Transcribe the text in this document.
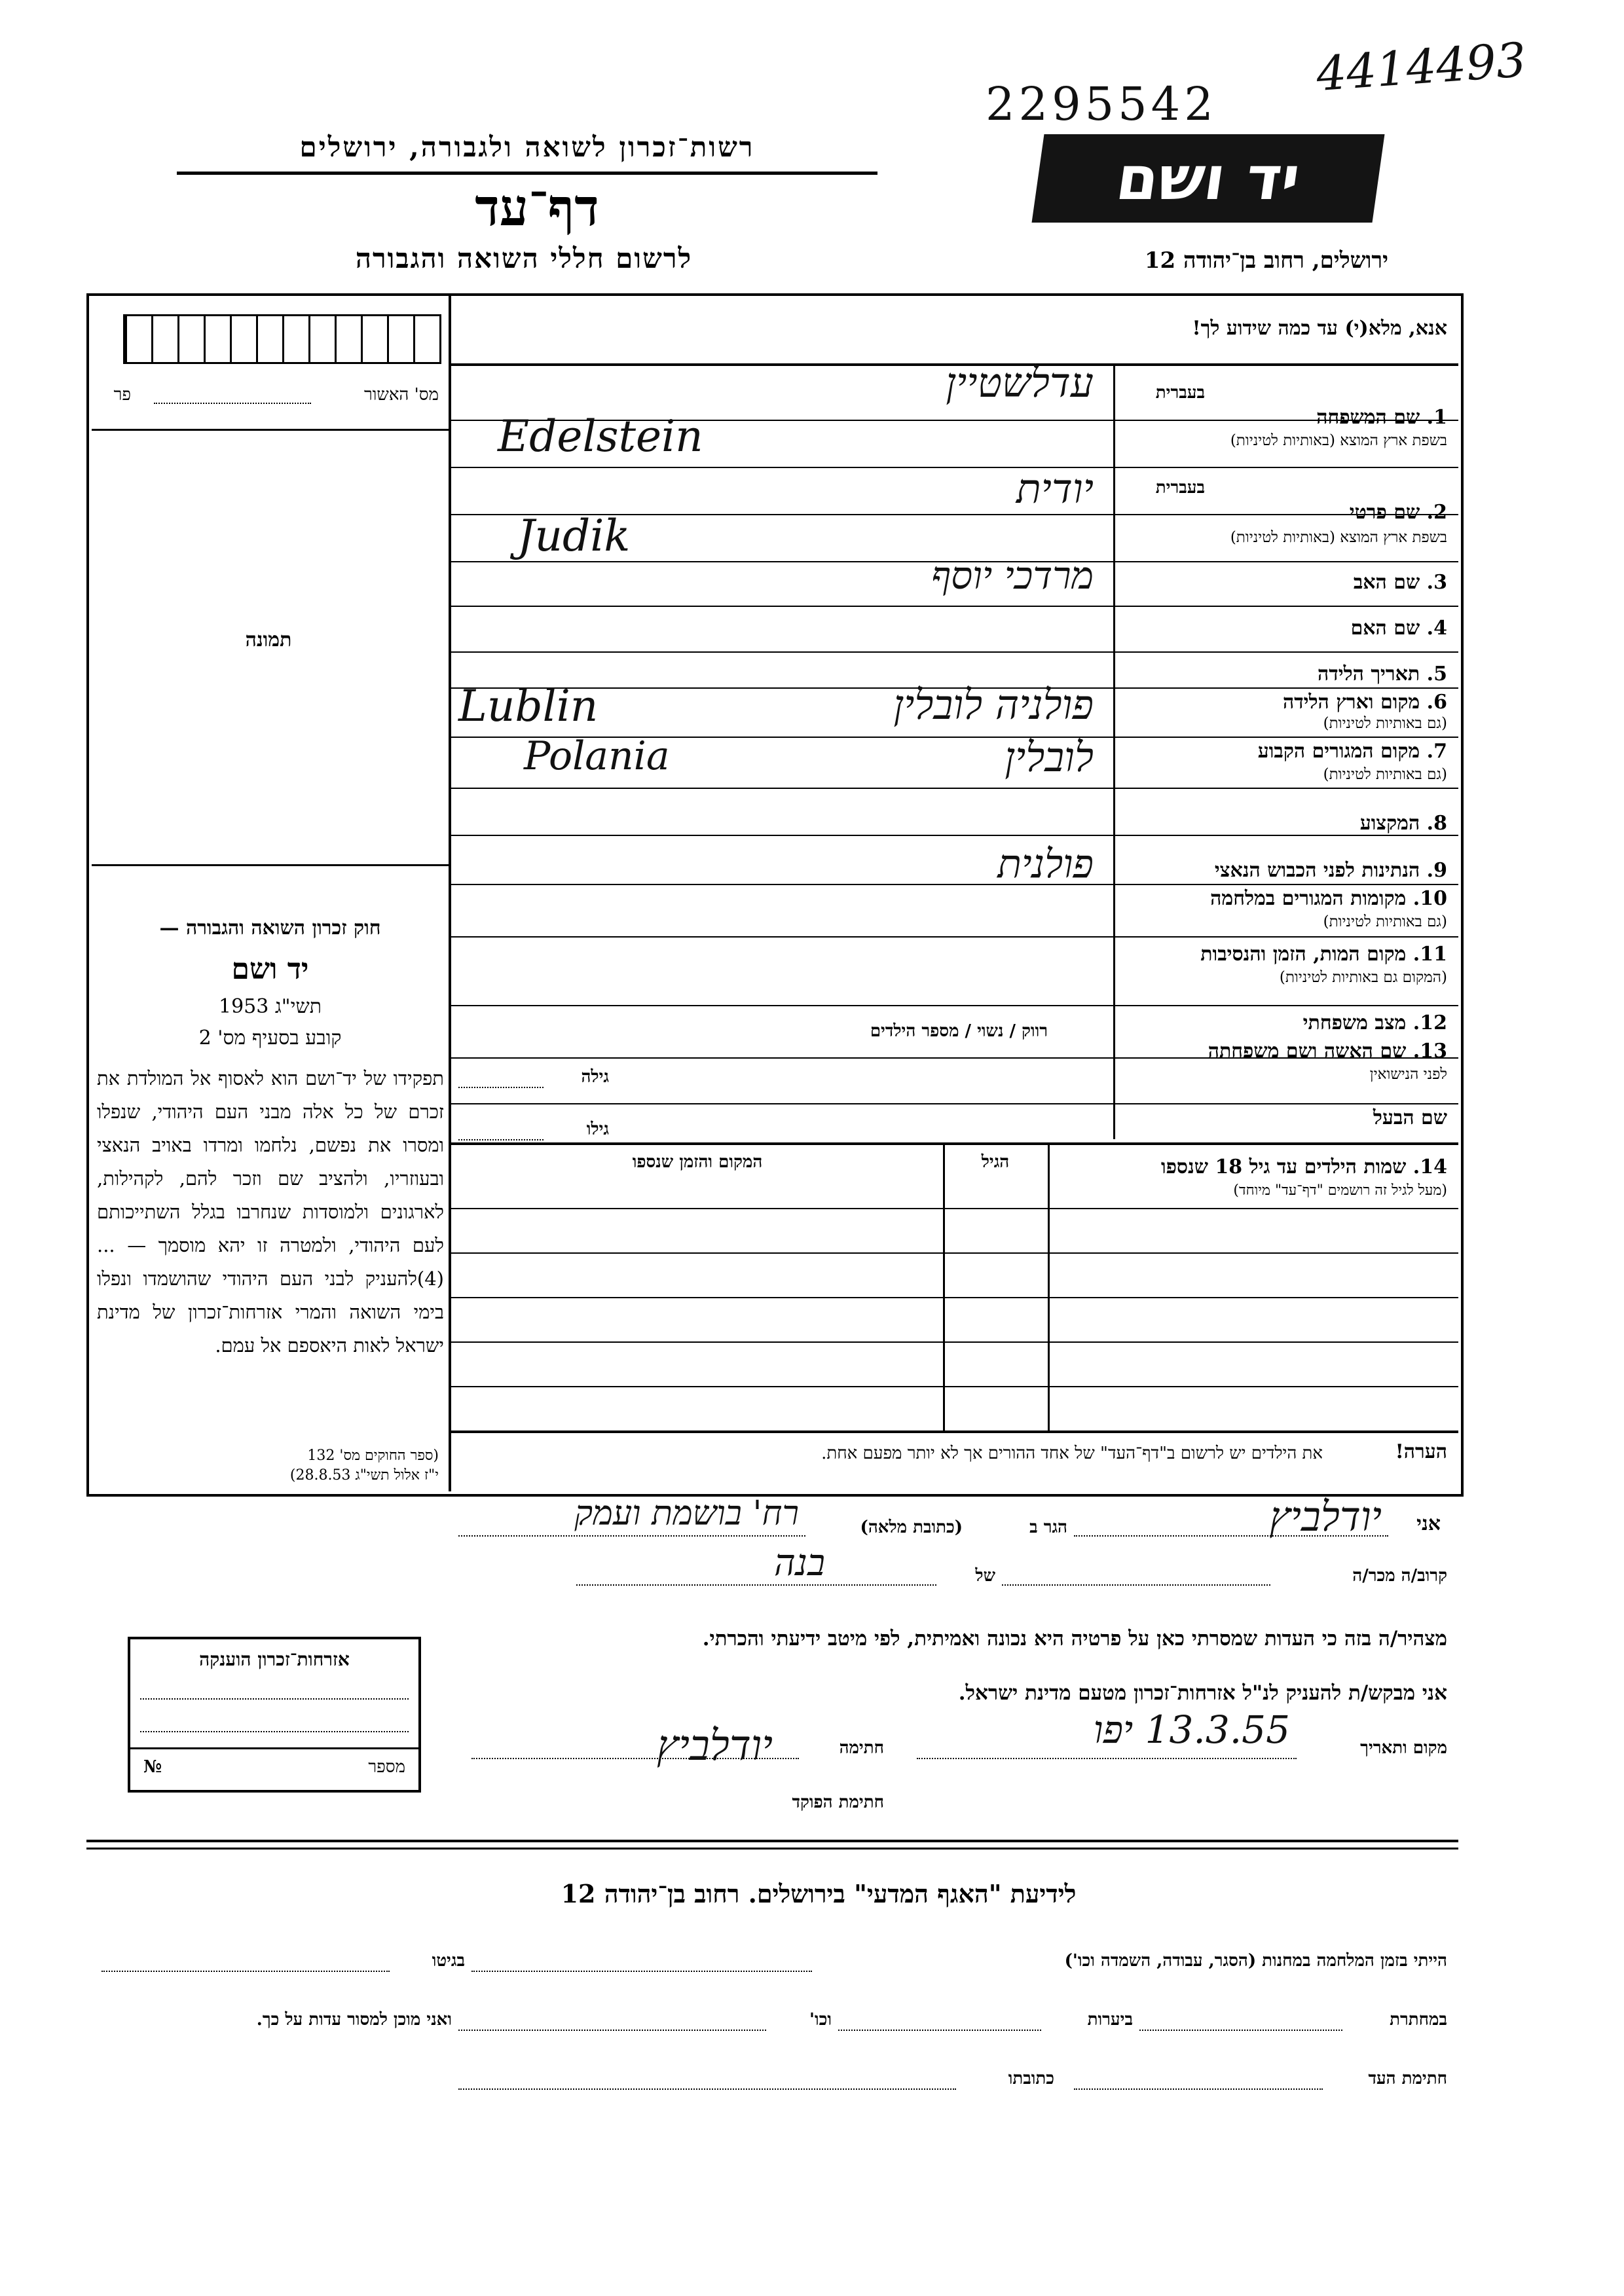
2295542
4414493
רשות־זכרון לשואה ולגבורה, ירושלים
דף־עד
לרשום חללי השואה והגבורה
יד ושם
ירושלים, רחוב בן־יהודה 12
מס' האשור
פר
תמונה
חוק זכרון השואה והגבורה —
יד ושם
תשי"ג 1953
קובע בסעיף מס' 2
תפקידו של יד־ושם הוא לאסוף אל המולדת את זכרם של כל אלה מבני העם היהודי, שנפלו ומסרו את נפשם, נלחמו ומרדו באויב הנאצי ובעוזריו, ולהציב שם וזכר להם, לקהילות, לארגונים ולמוסדות שנחרבו בגלל השתייכותם לעם היהודי, ולמטרה זו יהא מוסמך — ...(4)להעניק לבני העם היהודי שהושמדו ונפלו בימי השואה והמרי אזרחות־זכרון של מדינת ישראל לאות היאספם אל עמם.
(ספר החוקים מס' 132
י"ז אלול תשי"ג 28.8.53)
אנא, מלא(י) עד כמה שידוע לך!
בעברית
1. שם המשפחה
בשפת ארץ המוצא (באותיות לטיניות)
בעברית
2. שם פרטי
בשפת ארץ המוצא (באותיות לטיניות)
3. שם האב
4. שם האם
5. תאריך הלידה
6. מקום וארץ הלידה
(גם באותיות לטיניות)
7. מקום המגורים הקבוע
(גם באותיות לטיניות)
8. המקצוע
9. הנתינות לפני הכבוש הנאצי
10. מקומות המגורים במלחמה
(גם באותיות לטיניות)
11. מקום המות, הזמן והנסיבות
(המקום גם באותיות לטיניות)
12. מצב משפחתי
13. שם האשה ושם משפחתה
לפני הנישואין
שם הבעל
עדלשטיין
Edelstein
יודית
Judik
מרדכי יוסף
פולניה לובלין
Lublin
לובלין
Polania
פולנית
רווק / נשוי / מספר הילדים
גילה
גילו
14. שמות הילדים עד גיל 18 שנספו
(מעל לגיל זה רושמים "דף־עד" מיוחד)
הגיל
המקום והזמן שנספו
הערה!
את הילדים יש לרשום ב"דף־העד" של אחד ההורים אך לא יותר מפעם אחת.
אני
יודלביץ
הגר ב
(כתובת מלאה)
רח' בושמת ועמק
קרוב/ה מכר/ה
של
בנה
מצהיר/ה בזה כי העדות שמסרתי כאן על פרטיה היא נכונה ואמיתית, לפי מיטב ידיעתי והכרתי.
אני מבקש/ת להעניק לנ"ל אזרחות־זכרון מטעם מדינת ישראל.
מקום ותאריך
13.3.55 יפו
חתימה
יודלביץ
חתימת הפוקד
אזרחות־זכרון הוענקה
מספר
№
לידיעת "האגף המדעי" בירושלים. רחוב בן־יהודה 12
הייתי בזמן המלחמה במחנות (הסגר, עבודה, השמדה וכו')
בגיטו
במחתרת
ביערות
וכו'
ואני מוכן למסור עדות על כך.
חתימת העד
כתובתו
